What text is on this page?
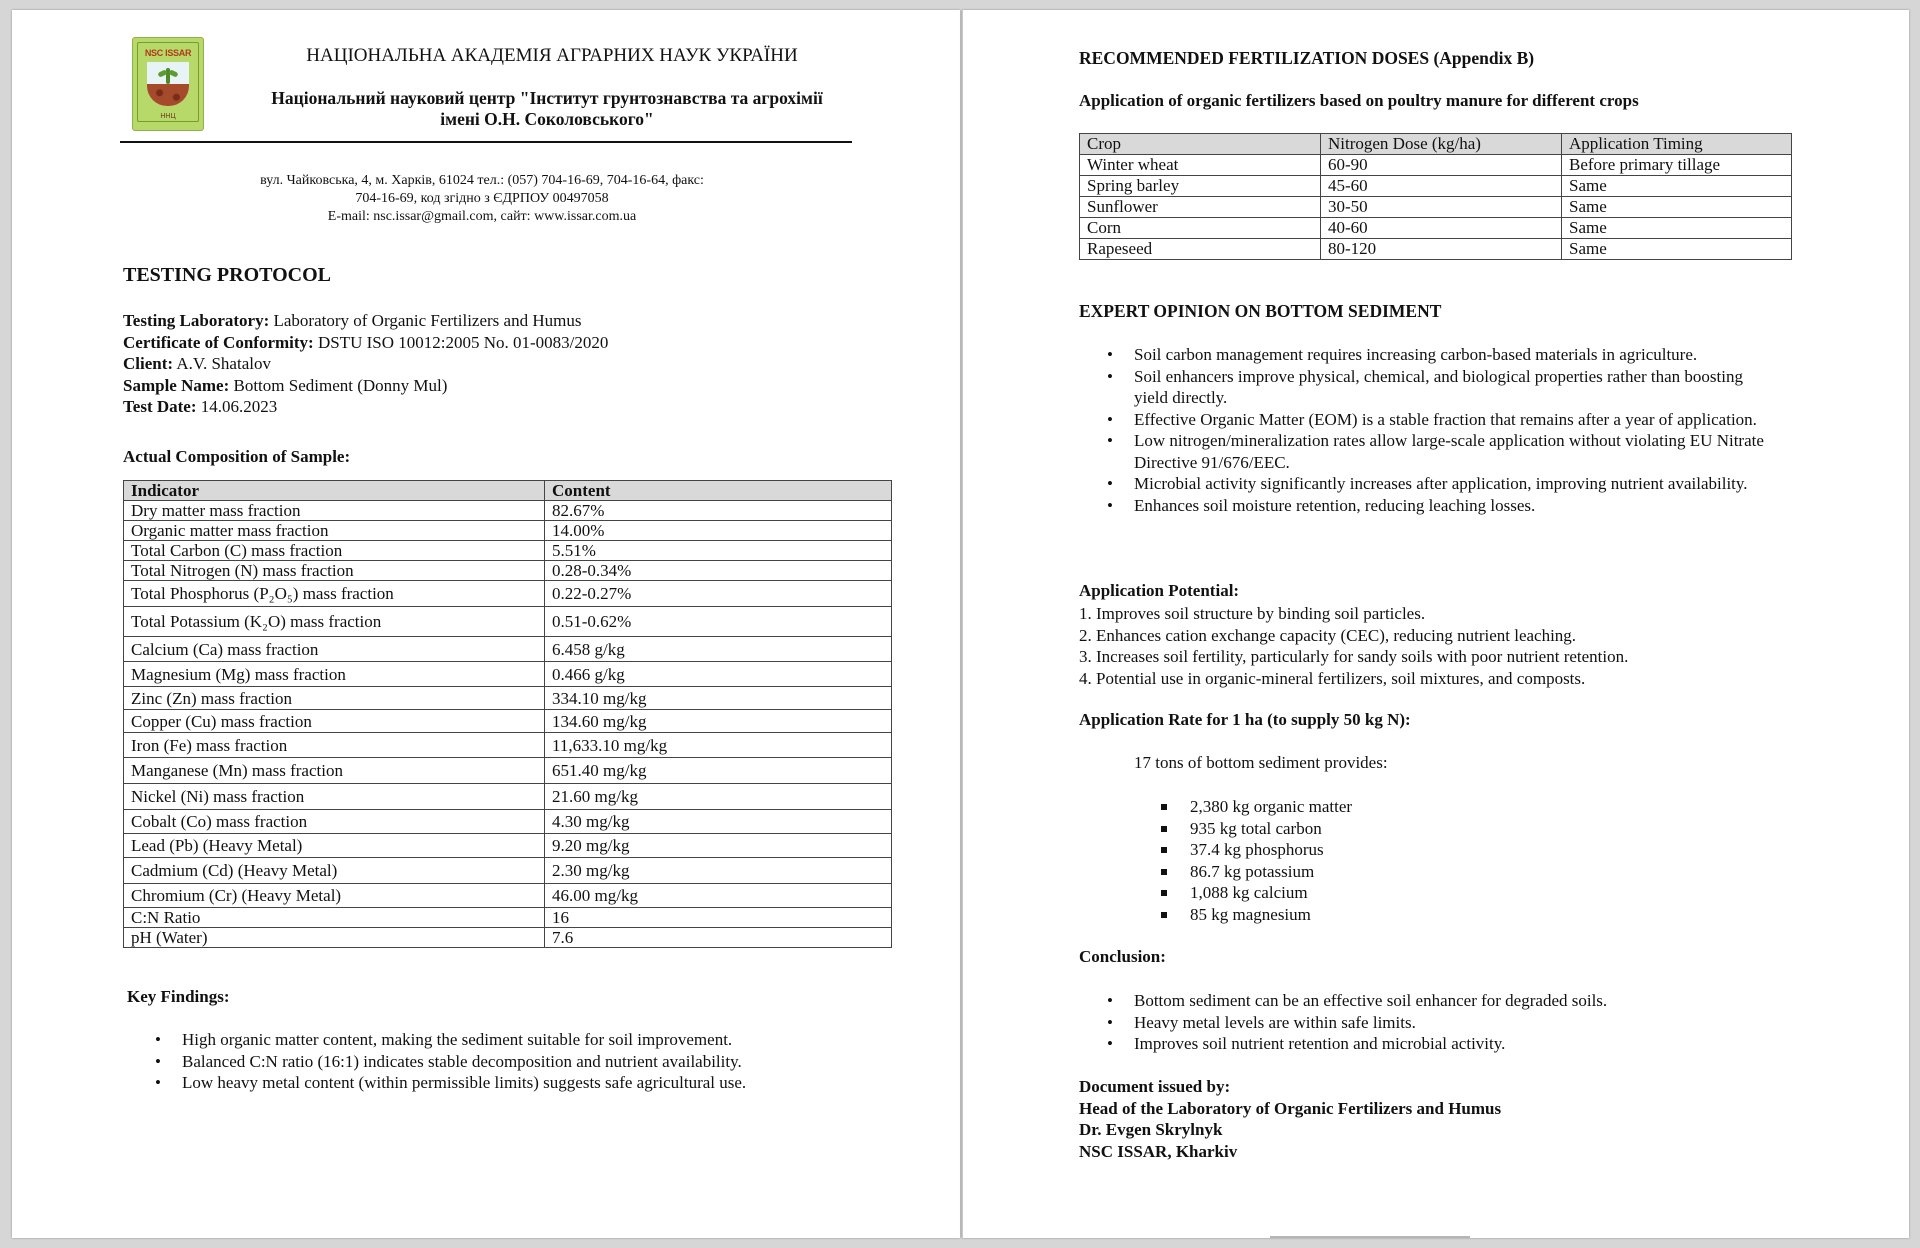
NSC ISSAR
ННЦ
НАЦІОНАЛЬНА АКАДЕМІЯ АГРАРНИХ НАУК УКРАЇНИ
Національний науковий центр "Інститут грунтознавства та агрохімії
імені О.Н. Соколовського"
вул. Чайковська, 4, м. Харків, 61024 тел.: (057) 704-16-69, 704-16-64, факс:
704-16-69, код згідно з ЄДРПОУ 00497058
E-mail: nsc.issar@gmail.com, сайт: www.issar.com.ua
TESTING PROTOCOL
Testing Laboratory: Laboratory of Organic Fertilizers and Humus
Certificate of Conformity: DSTU ISO 10012:2005 No. 01-0083/2020
Client: A.V. Shatalov
Sample Name: Bottom Sediment (Donny Mul)
Test Date: 14.06.2023
Actual Composition of Sample:
Indicator	Content
Dry matter mass fraction	82.67%
Organic matter mass fraction	14.00%
Total Carbon (C) mass fraction	5.51%
Total Nitrogen (N) mass fraction	0.28-0.34%
Total Phosphorus (P₂O₅) mass fraction	0.22-0.27%
Total Potassium (K₂O) mass fraction	0.51-0.62%
Calcium (Ca) mass fraction	6.458 g/kg
Magnesium (Mg) mass fraction	0.466 g/kg
Zinc (Zn) mass fraction	334.10 mg/kg
Copper (Cu) mass fraction	134.60 mg/kg
Iron (Fe) mass fraction	11,633.10 mg/kg
Manganese (Mn) mass fraction	651.40 mg/kg
Nickel (Ni) mass fraction	21.60 mg/kg
Cobalt (Co) mass fraction	4.30 mg/kg
Lead (Pb) (Heavy Metal)	9.20 mg/kg
Cadmium (Cd) (Heavy Metal)	2.30 mg/kg
Chromium (Cr) (Heavy Metal)	46.00 mg/kg
C:N Ratio	16
pH (Water)	7.6
Key Findings:
• High organic matter content, making the sediment suitable for soil improvement.
• Balanced C:N ratio (16:1) indicates stable decomposition and nutrient availability.
• Low heavy metal content (within permissible limits) suggests safe agricultural use.
RECOMMENDED FERTILIZATION DOSES (Appendix B)
Application of organic fertilizers based on poultry manure for different crops
Crop	Nitrogen Dose (kg/ha)	Application Timing
Winter wheat	60-90	Before primary tillage
Spring barley	45-60	Same
Sunflower	30-50	Same
Corn	40-60	Same
Rapeseed	80-120	Same
EXPERT OPINION ON BOTTOM SEDIMENT
• Soil carbon management requires increasing carbon-based materials in agriculture.
• Soil enhancers improve physical, chemical, and biological properties rather than boosting yield directly.
• Effective Organic Matter (EOM) is a stable fraction that remains after a year of application.
• Low nitrogen/mineralization rates allow large-scale application without violating EU Nitrate Directive 91/676/EEC.
• Microbial activity significantly increases after application, improving nutrient availability.
• Enhances soil moisture retention, reducing leaching losses.
Application Potential:
1. Improves soil structure by binding soil particles.
2. Enhances cation exchange capacity (CEC), reducing nutrient leaching.
3. Increases soil fertility, particularly for sandy soils with poor nutrient retention.
4. Potential use in organic-mineral fertilizers, soil mixtures, and composts.
Application Rate for 1 ha (to supply 50 kg N):
17 tons of bottom sediment provides:
2,380 kg organic matter
935 kg total carbon
37.4 kg phosphorus
86.7 kg potassium
1,088 kg calcium
85 kg magnesium
Conclusion:
• Bottom sediment can be an effective soil enhancer for degraded soils.
• Heavy metal levels are within safe limits.
• Improves soil nutrient retention and microbial activity.
Document issued by:
Head of the Laboratory of Organic Fertilizers and Humus
Dr. Evgen Skrylnyk
NSC ISSAR, Kharkiv
